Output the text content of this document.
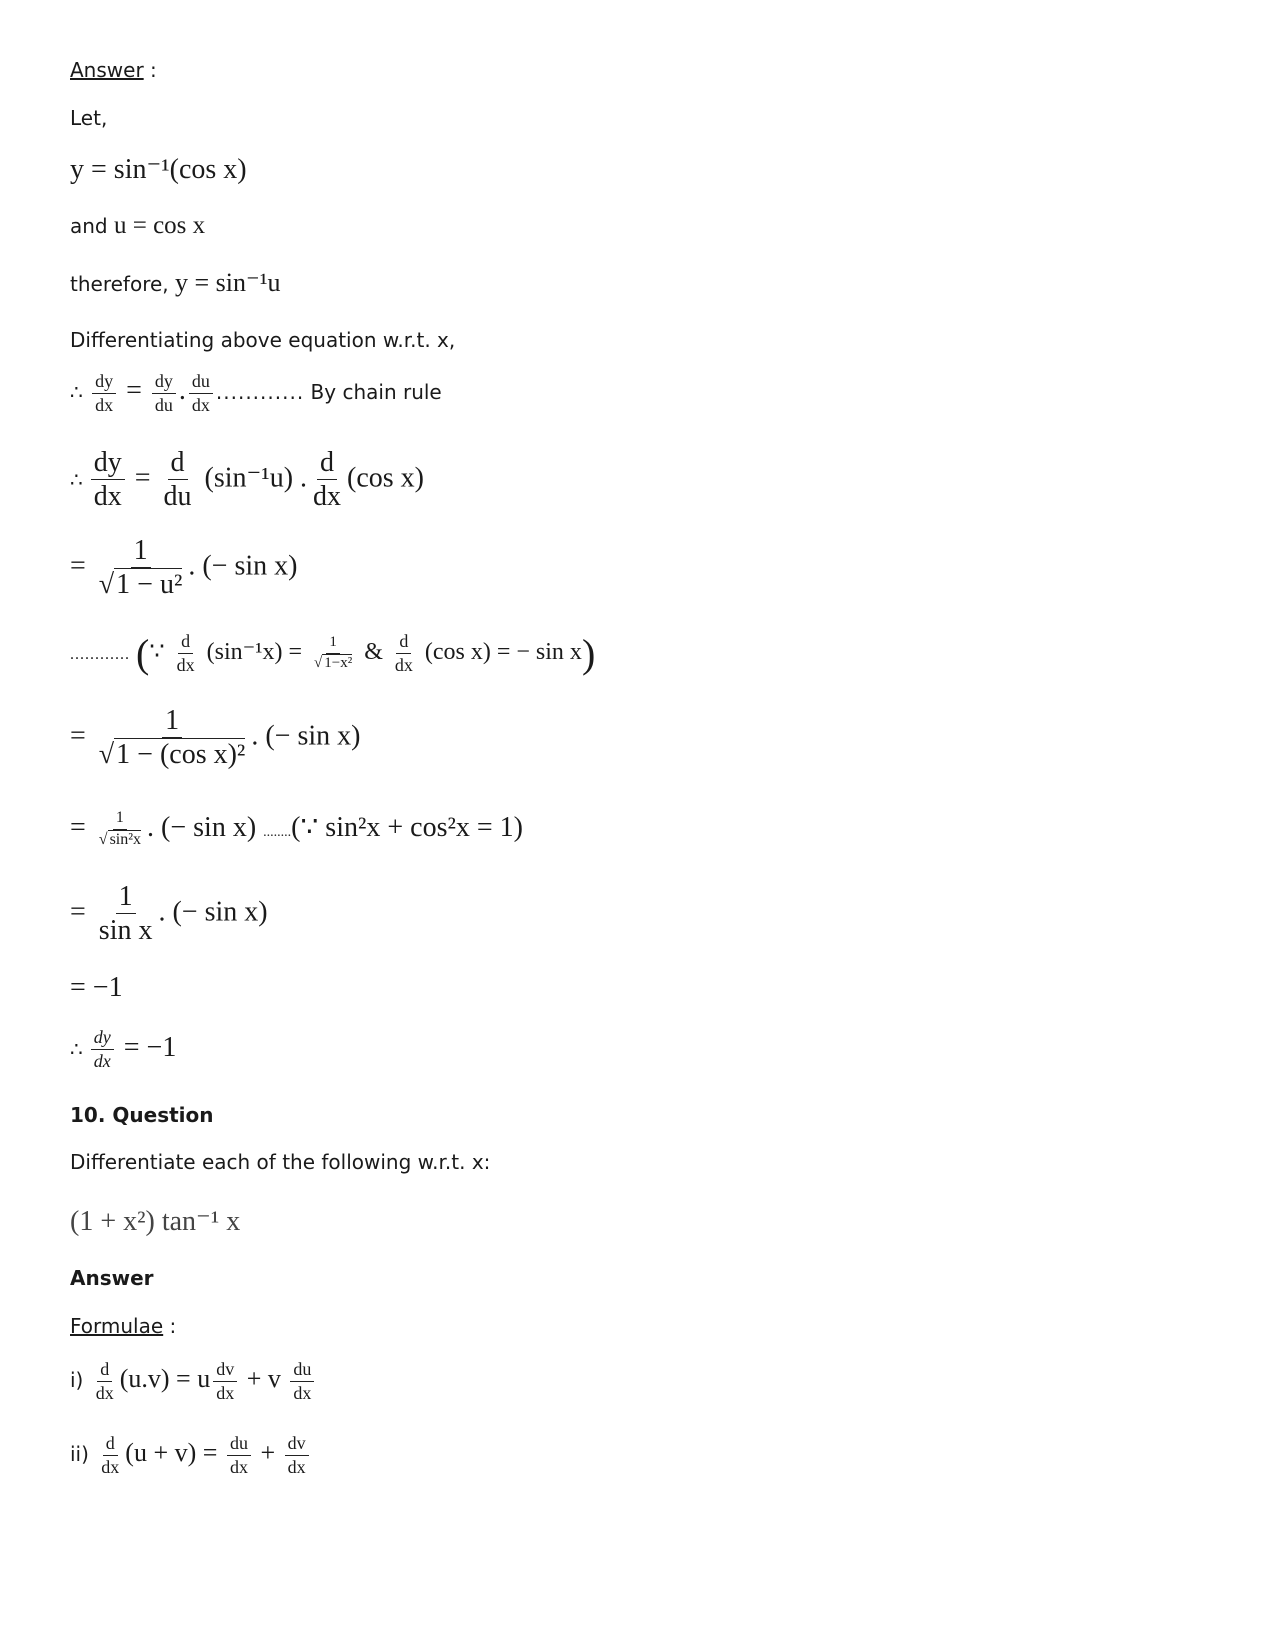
Answer :
Let,
y = sin⁻¹(cos x)
and u = cos x
therefore, y = sin⁻¹u
Differentiating above equation w.r.t. x,
∴ $\frac{dy}{dx} = \frac{dy}{du}$ . $\frac{du}{dx}$ ............ By chain rule
∴ $\frac{dy}{dx} = \frac{d}{du} (\sin^{-1}u)$ . $\frac{d}{dx} (\cos$ x)
= $\frac{1}{\text{√1 − u²}}$ . (− sin x)
............ (∵ $\frac{d}{dx} (\sin^{-1}x) = \frac{1}{\text{√ 1−x²}}$ & $\frac{d}{dx} (\cos$ x) = − sin x)
= $\frac{1}{\text{√1 − (cos x)²}}$ . (− sin x)
= $\frac{1}{\text{√ sin²x}}$ . (− sin x) ........(∵ sin²x + cos²x = 1)
= $\frac{1}{\text{sin x}}$ . (− sin x)
= −1
∴ $\frac{dy}{dx} = -1$
10. Question
Differentiate each of the following w.r.t. x:
(1 + x²) tan⁻¹ x
Answer
Formulae :
$i) \frac{d}{dx} (u.v) = u \frac{dv}{dx} + v \frac{du}{dx}$
$ii) \frac{d}{dx} (u + v) = \frac{du}{dx} + \frac{dv}{dx}$
